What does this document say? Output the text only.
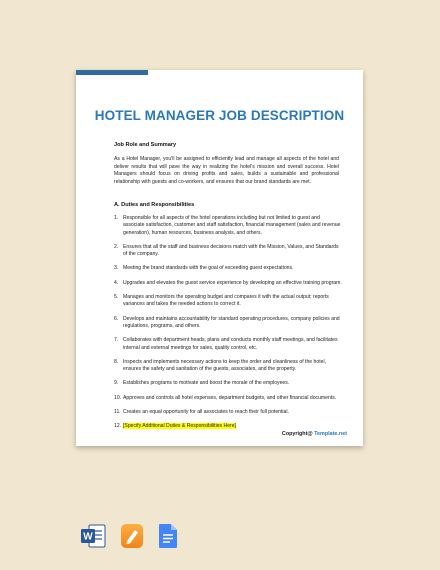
HOTEL MANAGER JOB DESCRIPTION
Job Role and Summary
As a Hotel Manager, you'll be assigned to efficiently lead and manage all aspects of the hotel and deliver results that will pave the way in realizing the hotel's mission and overall success. Hotel Managers should focus on driving profits and sales, builds a sustainable and professional relationship with guests and co-workers, and ensures that our brand standards are met.
A. Duties and Responsibilities
1. Responsible for all aspects of the hotel operations including but not limited to guest and associate satisfaction, customer and staff satisfaction, financial management (sales and revenue generation), human resources, business analysis, and others.
2. Ensures that all the staff and business decisions match with the Mission, Values, and Standards of the company.
3. Meeting the brand standards with the goal of exceeding guest expectations.
4. Upgrades and elevates the guest service experience by developing an effective training program.
5. Manages and monitors the operating budget and compares it with the actual output; reports variances and takes the needed actions to correct it.
6. Develops and maintains accountability for standard operating procedures, company policies and regulations, programs, and others.
7. Collaborates with department heads, plans and conducts monthly staff meetings, and facilitates internal and external meetings for sales, quality control, etc.
8. Inspects and implements necessary actions to keep the order and cleanliness of the hotel, ensures the safety and sanitation of the guests, associates, and the property.
9. Establishes programs to motivate and boost the morale of the employees.
10. Approves and controls all hotel expenses, department budgets, and other financial documents.
11. Creates an equal opportunity for all associates to reach their full potential.
12. [Specify Additional Duties & Responsibilities Here]
Copyright@ Template.net
W
